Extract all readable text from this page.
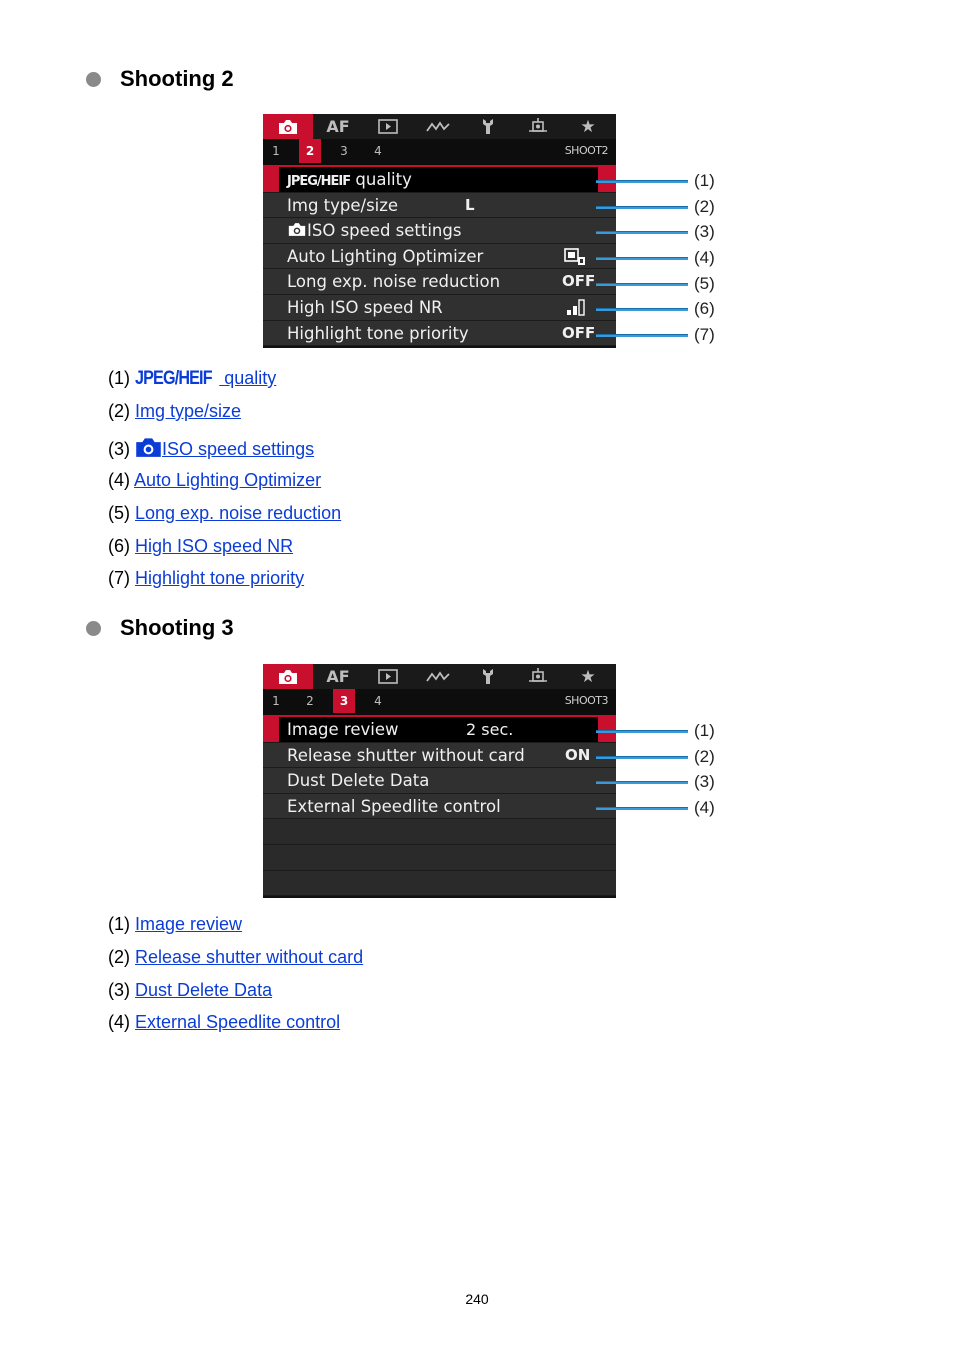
Shooting 2
AF	★
1	2	3	4	SHOOT2
JPEG/HEIF quality
Img type/size	L
ISO speed settings
Auto Lighting Optimizer
Long exp. noise reduction	OFF
High ISO speed NR
Highlight tone priority	OFF
(1)
(2)
(3)
(4)
(5)
(6)
(7)
(1) JPEG/HEIF quality
(2) Img type/size
(3) ISO speed settings
(4) Auto Lighting Optimizer
(5) Long exp. noise reduction
(6) High ISO speed NR
(7) Highlight tone priority
Shooting 3
AF	★
1	2	3	4	SHOOT3
Image review	2 sec.
Release shutter without card	ON
Dust Delete Data
External Speedlite control
(1)
(2)
(3)
(4)
(1) Image review
(2) Release shutter without card
(3) Dust Delete Data
(4) External Speedlite control
240
